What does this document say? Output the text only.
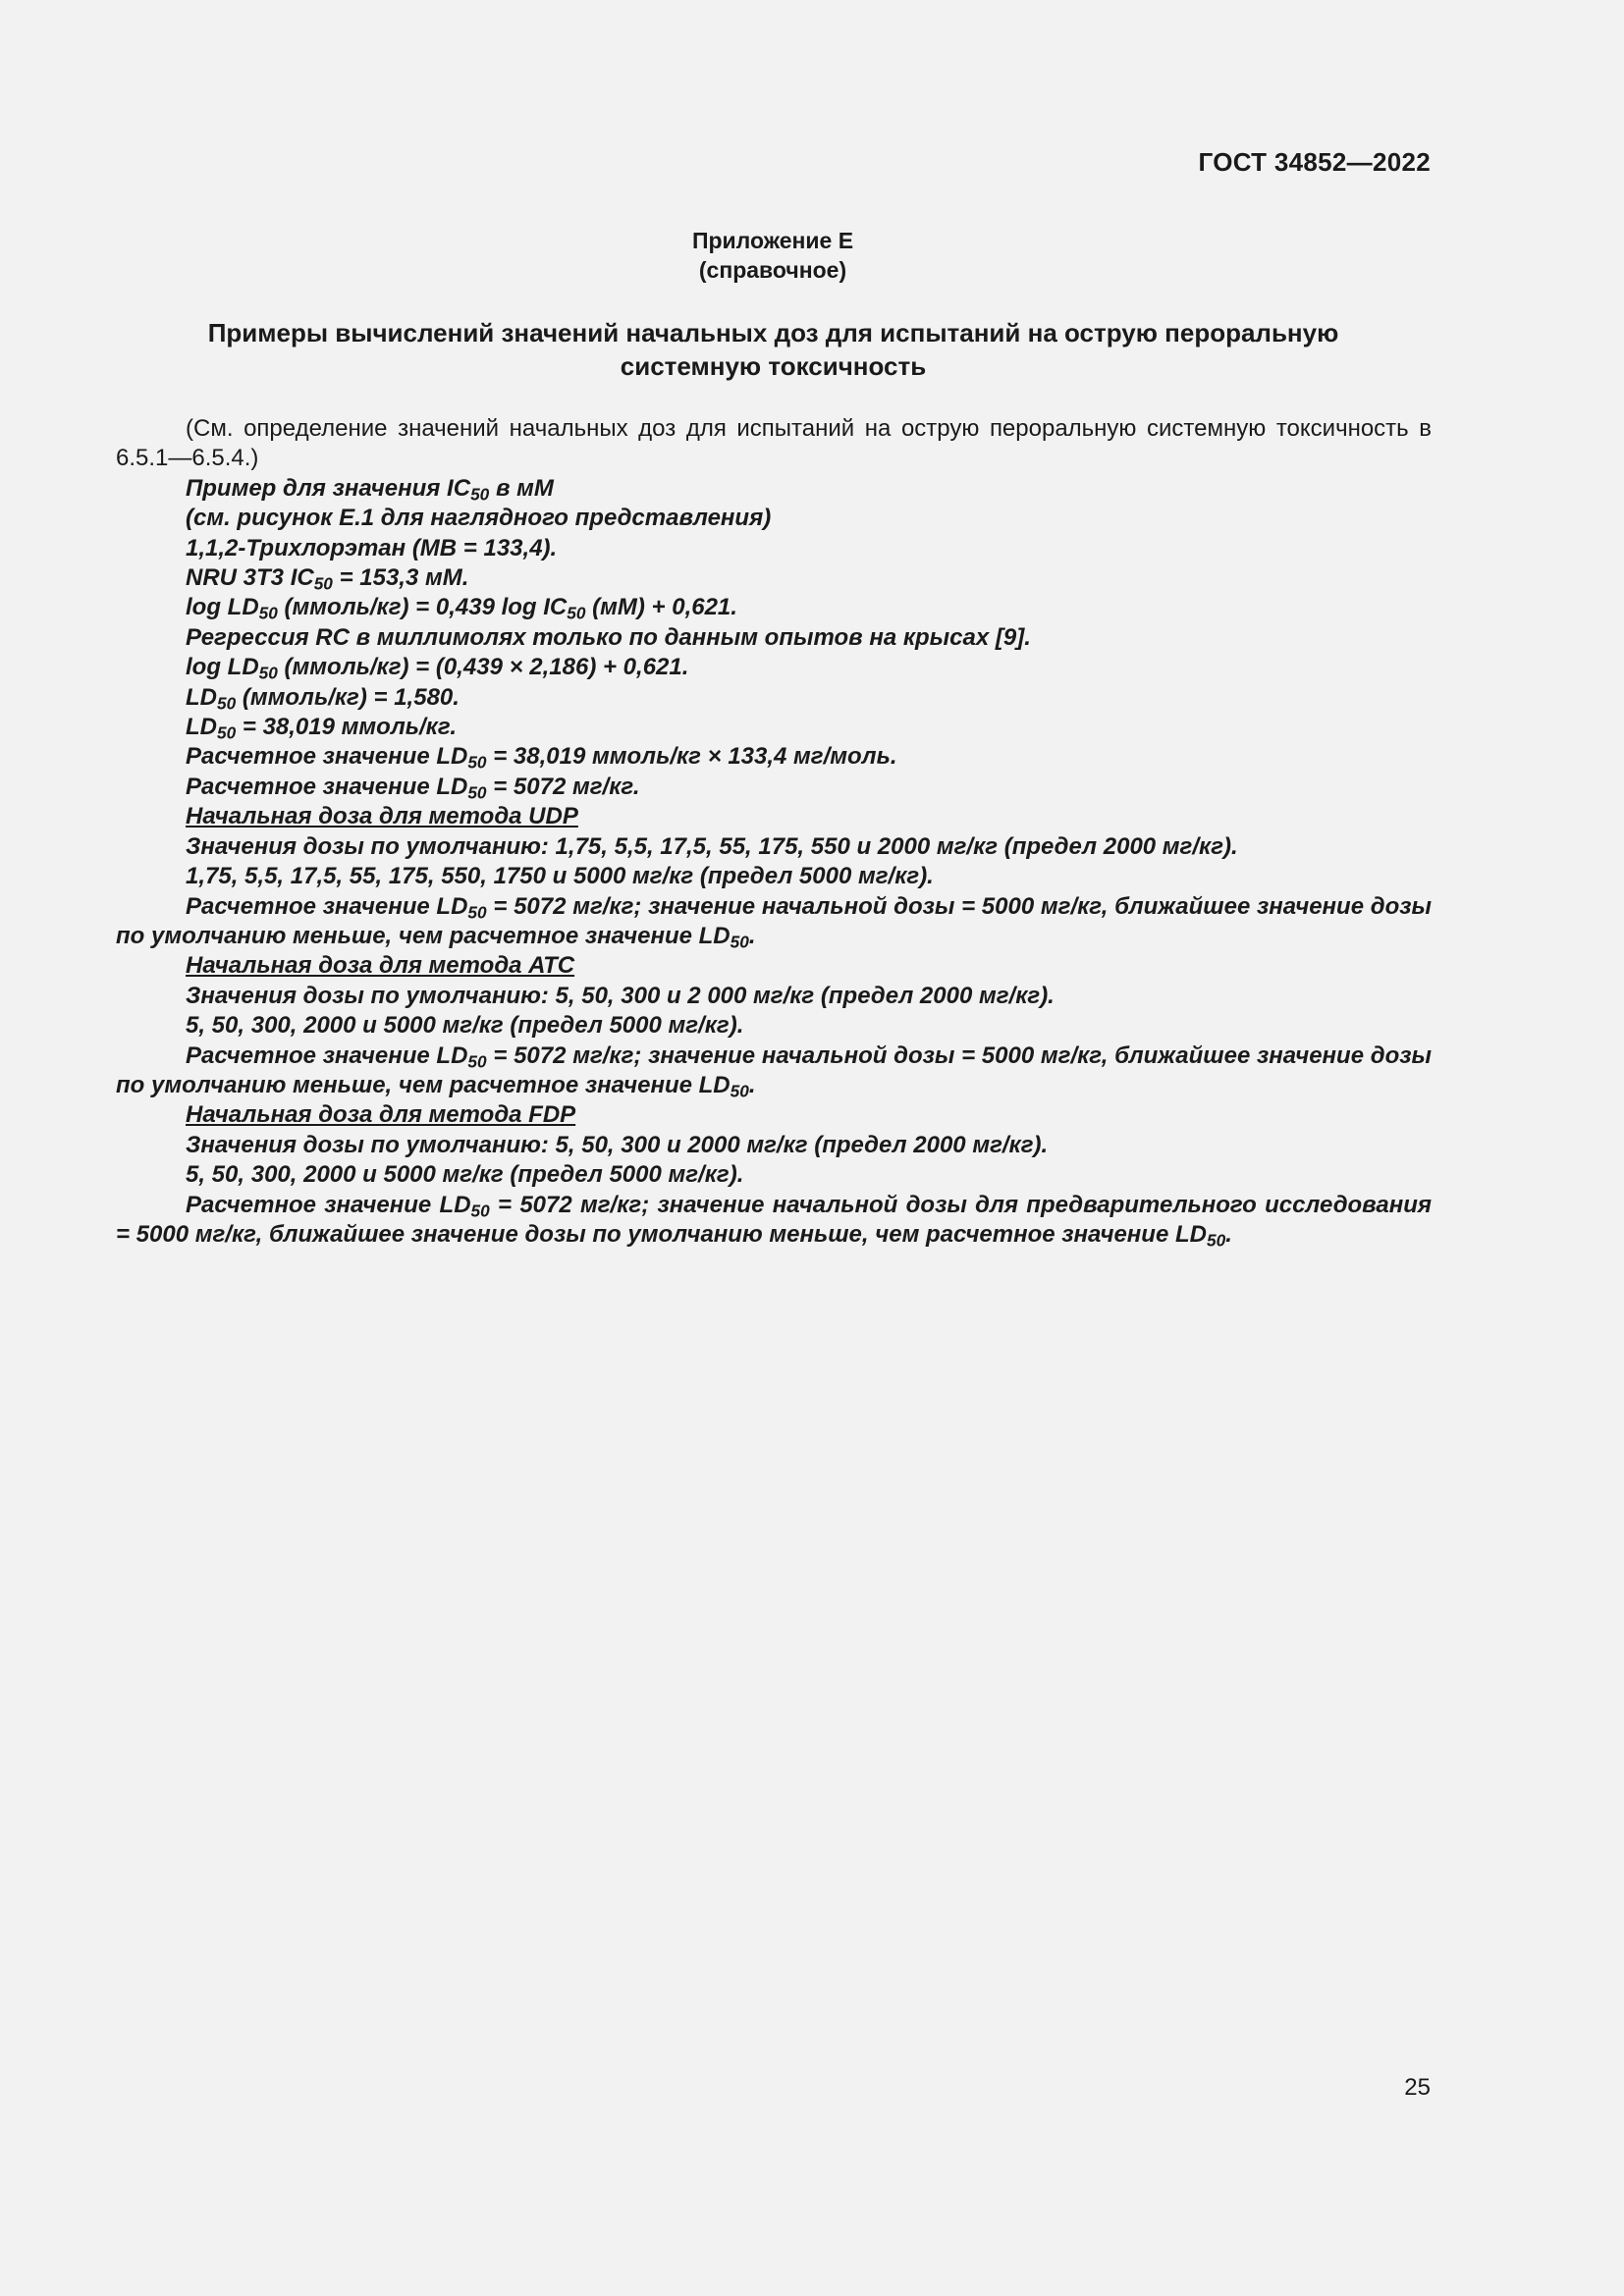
ГОСТ 34852—2022
Приложение Е
(справочное)
Примеры вычислений значений начальных доз для испытаний на острую пероральную
системную токсичность

(См. определение значений начальных доз для испытаний на острую пероральную системную токсичность в 6.5.1—6.5.4.)

Пример для значения $IC_{50}$ в мМ

(см. рисунок Е.1 для наглядного представления)

1,1,2-Трихлорэтан (МВ = 133,4).

NRU 3T3 $IC_{50} = 153,3$ мМ.

$\log LD_{50}$ (ммоль/кг) = 0,439 $\log IC_{50}$ (мМ) + 0,621.

Регрессия RC в миллимолях только по данным опытов на крысах [9].

$\log LD_{50}$ (ммоль/кг) = (0,439 × 2,186) + 0,621.

$LD_{50}$ (ммоль/кг) = 1,580.

$LD_{50} = 38,019$ ммоль/кг.

Расчетное значение $LD_{50} = 38,019$ ммоль/кг × 133,4 мг/моль.

Расчетное значение $LD_{50} = 5072$ мг/кг.

Начальная доза для метода UDP

Значения дозы по умолчанию: 1,75, 5,5, 17,5, 55, 175, 550 и 2000 мг/кг (предел 2000 мг/кг).

1,75, 5,5, 17,5, 55, 175, 550, 1750 и 5000 мг/кг (предел 5000 мг/кг).

Расчетное значение $LD_{50} = 5072$ мг/кг; значение начальной дозы = 5000 мг/кг, ближайшее значение дозы по умолчанию меньше, чем расчетное значение $LD_{50}$.

Начальная доза для метода АТС

Значения дозы по умолчанию: 5, 50, 300 и 2 000 мг/кг (предел 2000 мг/кг).

5, 50, 300, 2000 и 5000 мг/кг (предел 5000 мг/кг).

Расчетное значение $LD_{50} = 5072$ мг/кг; значение начальной дозы = 5000 мг/кг, ближайшее значение дозы по умолчанию меньше, чем расчетное значение $LD_{50}$.

Начальная доза для метода FDP

Значения дозы по умолчанию: 5, 50, 300 и 2000 мг/кг (предел 2000 мг/кг).

5, 50, 300, 2000 и 5000 мг/кг (предел 5000 мг/кг).

Расчетное значение $LD_{50} = 5072$ мг/кг; значение начальной дозы для предварительного исследования = 5000 мг/кг, ближайшее значение дозы по умолчанию меньше, чем расчетное значение $LD_{50}$.

25
